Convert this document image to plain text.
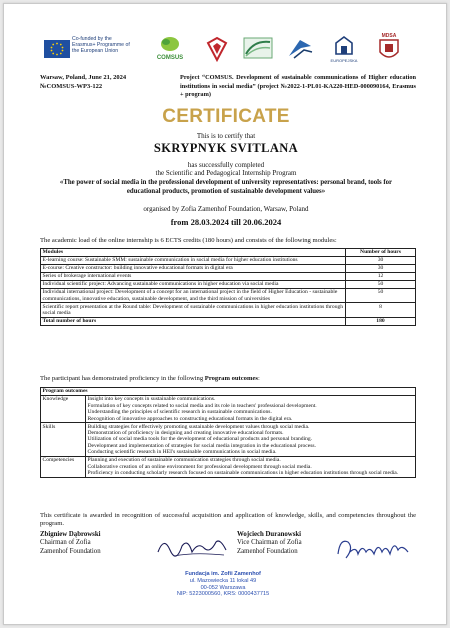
Co-funded by the Erasmus+ Programme of the European Union
COMSUS	EUROPEJSKA
MDSA
Warsaw, Poland, June 21, 2024
№COMSUS-WP3-122
Project “COMSUS. Development of sustainable communications of Higher education institutions in social media” (project №2022-1-PL01-KA220-HED-000090164, Erasmus + program)
CERTIFICATE
This is to certify that
SKRYPNYK SVITLANA
has successfully completed
the Scientific and Pedagogical Internship Program
«The power of social media in the professional development of university representatives: personal brand, tools for educational products, promotion of sustainable development values»
organised by Zofia Zamenhof Foundation, Warsaw, Poland
from 28.03.2024 till 20.06.2024
The academic load of the online internship is 6 ECTS credits (180 hours) and consists of the following modules:
Modules	Number of hours
E-learning course: Sustainable SMM: sustainable communication in social media for higher education institutions	30
E-course: Creative constructor: building innovative educational formats in digital era	30
Series of brokerage international events	12
Individual scientific project: Advancing sustainable communications in higher education via social media	50
Individual international project: Development of a concept for an international project in the field of Higher Education - sustainable communications, innovative education, sustainable development, and the third mission of universities	50
Scientific report presentation at the Round table: Development of sustainable communications in higher education institutions through social media	8
Total number of hours	180
The participant has demonstrated proficiency in the following Program outcomes:
Program outcomes	
Knowledge	Insight into key concepts in sustainable communications.
Formulation of key concepts related to social media and its role in teachers' professional development.
Understanding the principles of scientific research in sustainable communications.
Recognition of innovative approaches to constructing educational formats in the digital era.

Skills	Building strategies for effectively promoting sustainable development values through social media.
Demonstration of proficiency in designing and creating innovative educational formats.
Utilization of social media tools for the development of educational products and personal branding.
Development and implementation of strategies for social media integration in the educational process.
Conducting scientific research in HEI's sustainable communications in social media.

Competencies	Planning and execution of sustainable communication strategies through social media.
Collaborative creation of an online environment for professional development through social media.
Proficiency in conducting scholarly research focused on sustainable communications in higher education institutions through social media.
This certificate is awarded in recognition of successful acquisition and application of knowledge, skills, and competencies throughout the program.
Zbigniew Dąbrowski
Chairman of Zofia
Zamenhof Foundation
Wojciech Duranowski
Vice Chairman of Zofia
Zamenhof Foundation
Fundacja im. Zofii Zamenhof
ul. Mazowiecka 11 lokal 49
00-052 Warszawa
NIP: 5223000560, KRS: 0000437715
